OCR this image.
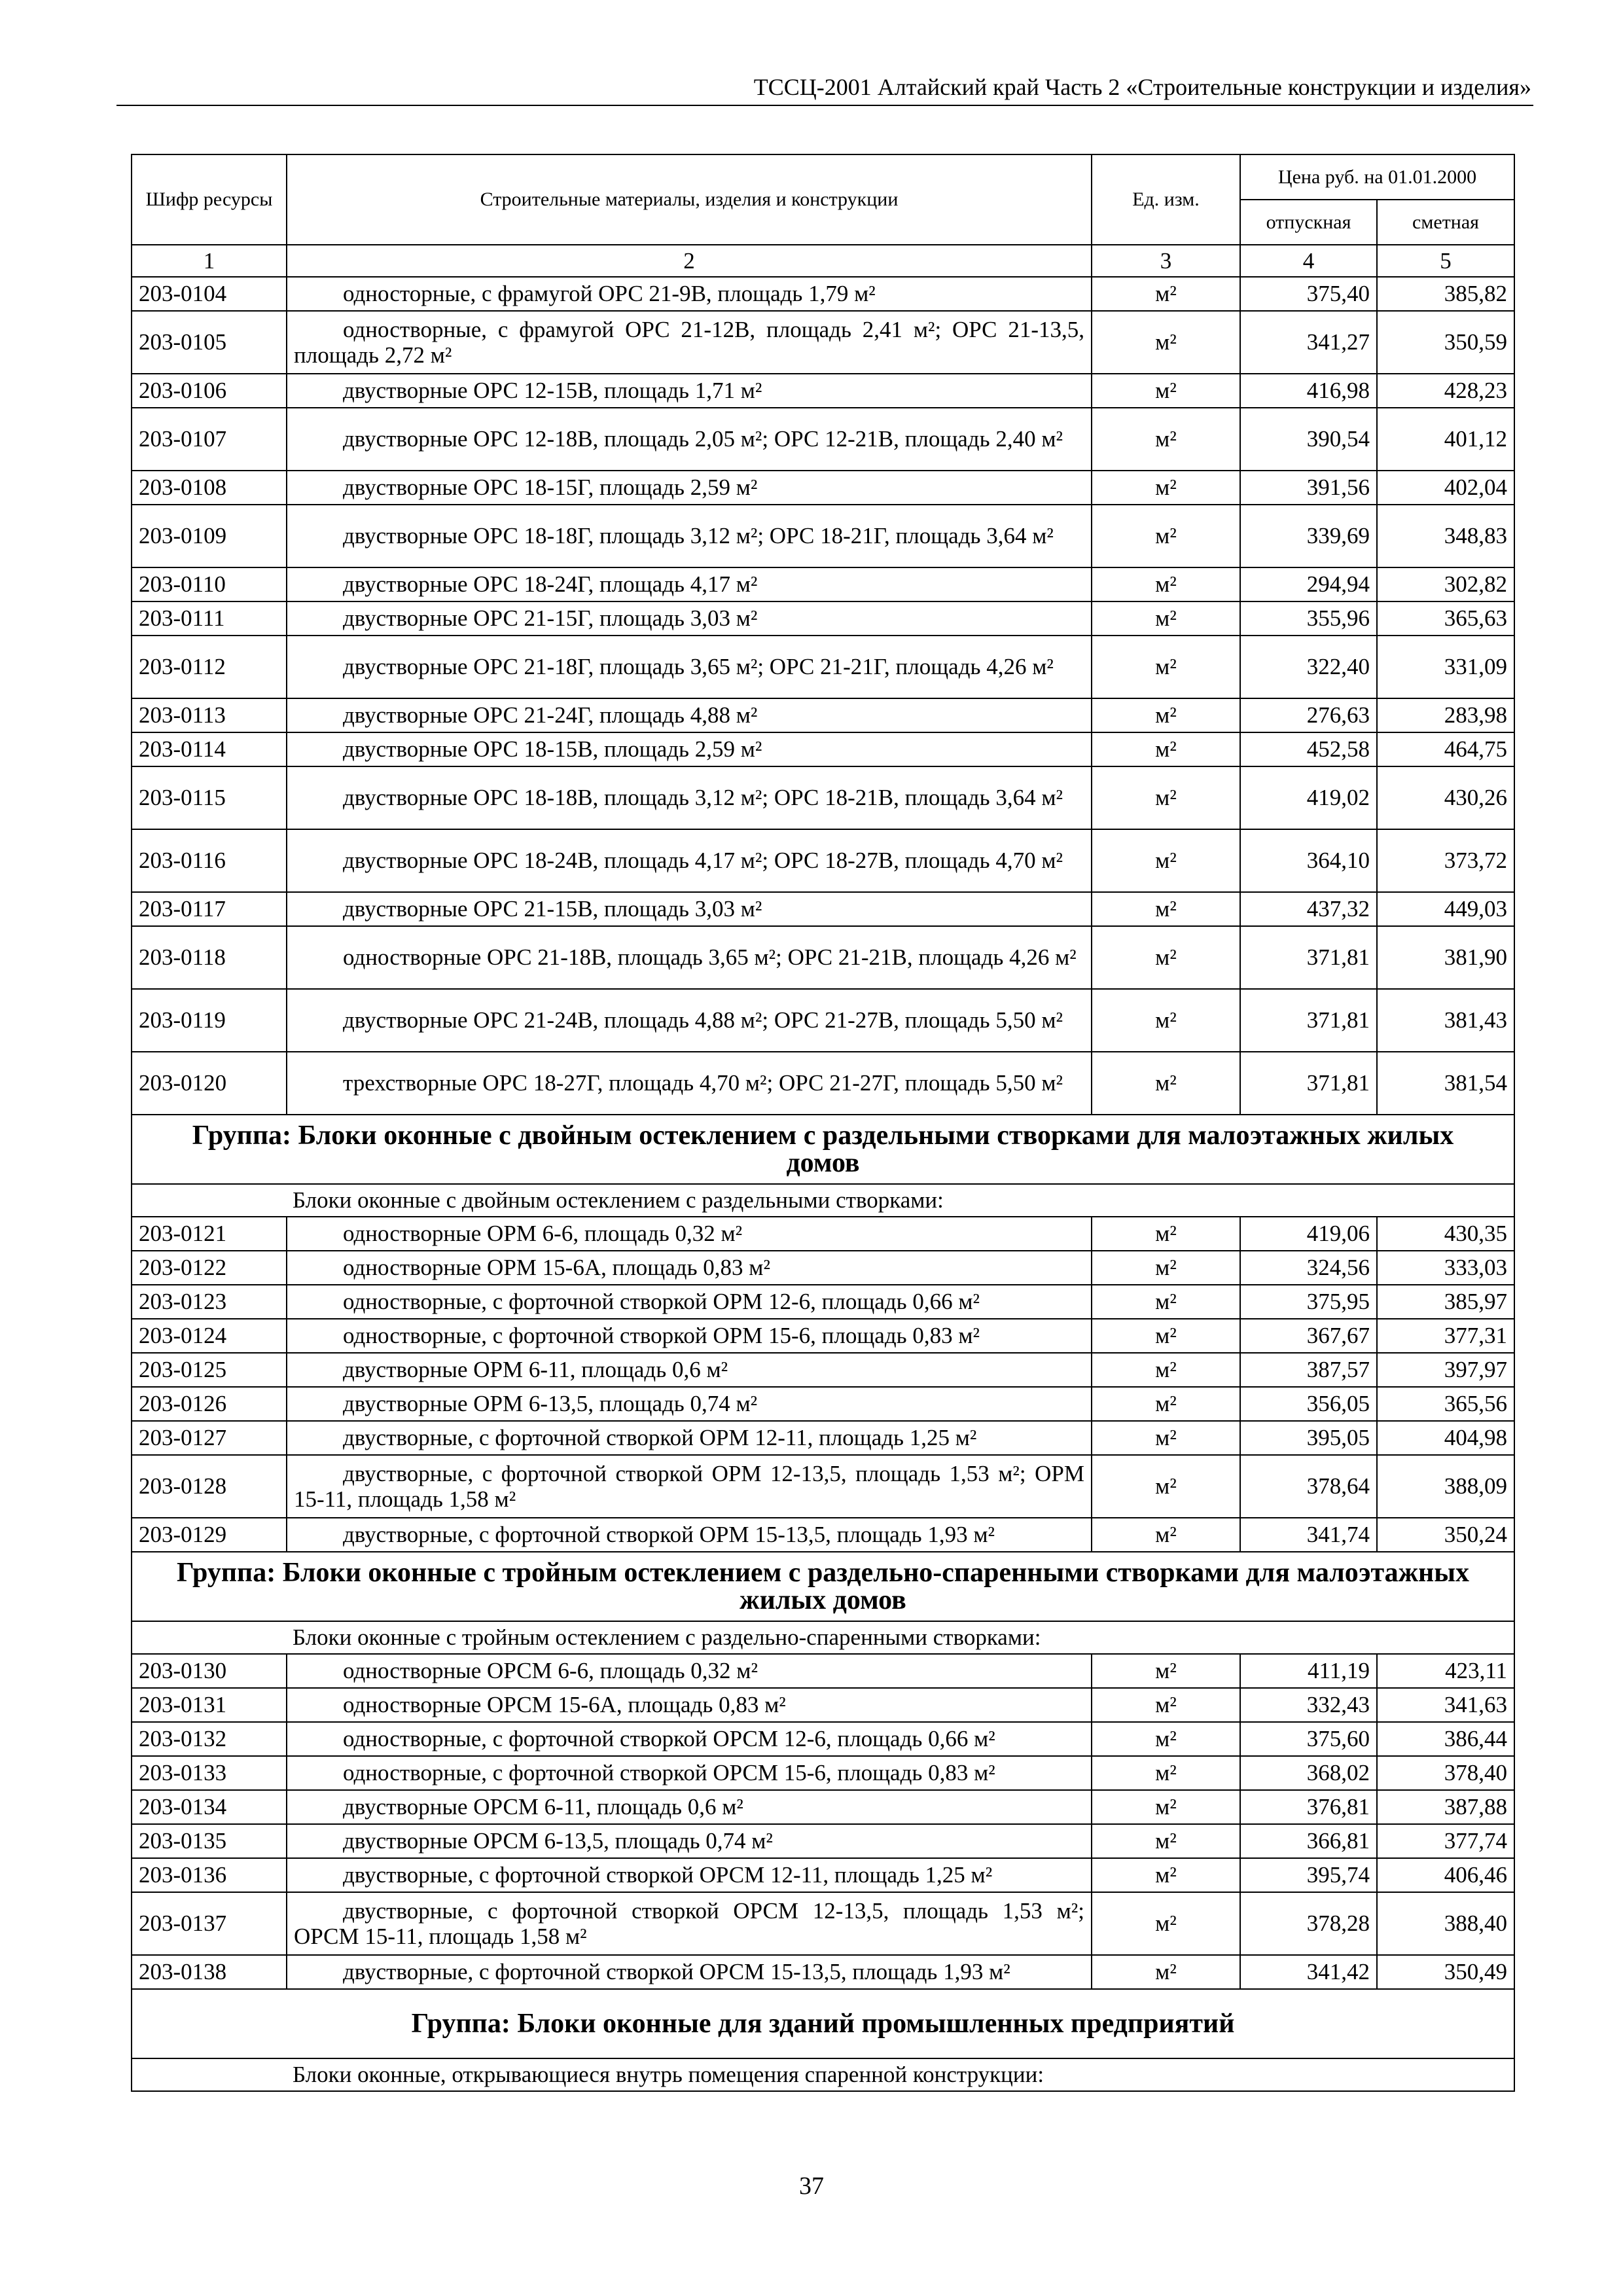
ТССЦ-2001 Алтайский край Часть 2 «Строительные конструкции и изделия»
Шифр ресурсы	Строительные материалы, изделия и конструкции	Ед. изм.	Цена руб. на 01.01.2000	
			отпускная	сметная
1	2	3	4	5
203-0104	односторные, с фрамугой ОРС 21-9В, площадь 1,79 м²	м²	375,40	385,82
203-0105	одностворные, с фрамугой ОРС 21-12В, площадь 2,41 м²; ОРС 21-13,5, площадь 2,72 м²	м²	341,27	350,59
203-0106	двустворные ОРС 12-15В, площадь 1,71 м²	м²	416,98	428,23
203-0107	двустворные ОРС 12-18В, площадь 2,05 м²; ОРС 12-21В, площадь 2,40 м²	м²	390,54	401,12
203-0108	двустворные ОРС 18-15Г, площадь 2,59 м²	м²	391,56	402,04
203-0109	двустворные ОРС 18-18Г, площадь 3,12 м²; ОРС 18-21Г, площадь 3,64 м²	м²	339,69	348,83
203-0110	двустворные ОРС 18-24Г, площадь 4,17 м²	м²	294,94	302,82
203-0111	двустворные ОРС 21-15Г, площадь 3,03 м²	м²	355,96	365,63
203-0112	двустворные ОРС 21-18Г, площадь 3,65 м²; ОРС 21-21Г, площадь 4,26 м²	м²	322,40	331,09
203-0113	двустворные ОРС 21-24Г, площадь 4,88 м²	м²	276,63	283,98
203-0114	двустворные ОРС 18-15В, площадь 2,59 м²	м²	452,58	464,75
203-0115	двустворные ОРС 18-18В, площадь 3,12 м²; ОРС 18-21В, площадь 3,64 м²	м²	419,02	430,26
203-0116	двустворные ОРС 18-24В, площадь 4,17 м²; ОРС 18-27В, площадь 4,70 м²	м²	364,10	373,72
203-0117	двустворные ОРС 21-15В, площадь 3,03 м²	м²	437,32	449,03
203-0118	одностворные ОРС 21-18В, площадь 3,65 м²; ОРС 21-21В, площадь 4,26 м²	м²	371,81	381,90
203-0119	двустворные ОРС 21-24В, площадь 4,88 м²; ОРС 21-27В, площадь 5,50 м²	м²	371,81	381,43
203-0120	трехстворные ОРС 18-27Г, площадь 4,70 м²; ОРС 21-27Г, площадь 5,50 м²	м²	371,81	381,54
Группа: Блоки оконные с двойным остеклением с раздельными створками для малоэтажных жилых домов				
Блоки оконные с двойным остеклением с раздельными створками:				
203-0121	одностворные ОРМ 6-6, площадь 0,32 м²	м²	419,06	430,35
203-0122	одностворные ОРМ 15-6А, площадь 0,83 м²	м²	324,56	333,03
203-0123	одностворные, с форточной створкой ОРМ 12-6, площадь 0,66 м²	м²	375,95	385,97
203-0124	одностворные, с форточной створкой ОРМ 15-6, площадь 0,83 м²	м²	367,67	377,31
203-0125	двустворные ОРМ 6-11, площадь 0,6 м²	м²	387,57	397,97
203-0126	двустворные ОРМ 6-13,5, площадь 0,74 м²	м²	356,05	365,56
203-0127	двустворные, с форточной створкой ОРМ 12-11, площадь 1,25 м²	м²	395,05	404,98
203-0128	двустворные, с форточной створкой ОРМ 12-13,5, площадь 1,53 м²; ОРМ 15-11, площадь 1,58 м²	м²	378,64	388,09
203-0129	двустворные, с форточной створкой ОРМ 15-13,5, площадь 1,93 м²	м²	341,74	350,24
Группа: Блоки оконные с тройным остеклением с раздельно-спаренными створками для малоэтажных жилых домов				
Блоки оконные с тройным остеклением с раздельно-спаренными створками:				
203-0130	одностворные ОРСМ 6-6, площадь 0,32 м²	м²	411,19	423,11
203-0131	одностворные ОРСМ 15-6А, площадь 0,83 м²	м²	332,43	341,63
203-0132	одностворные, с форточной створкой ОРСМ 12-6, площадь 0,66 м²	м²	375,60	386,44
203-0133	одностворные, с форточной створкой ОРСМ 15-6, площадь 0,83 м²	м²	368,02	378,40
203-0134	двустворные ОРСМ 6-11, площадь 0,6 м²	м²	376,81	387,88
203-0135	двустворные ОРСМ 6-13,5, площадь 0,74 м²	м²	366,81	377,74
203-0136	двустворные, с форточной створкой ОРСМ 12-11, площадь 1,25 м²	м²	395,74	406,46
203-0137	двустворные, с форточной створкой ОРСМ 12-13,5, площадь 1,53 м²; ОРСМ 15-11, площадь 1,58 м²	м²	378,28	388,40
203-0138	двустворные, с форточной створкой ОРСМ 15-13,5, площадь 1,93 м²	м²	341,42	350,49
Группа: Блоки оконные для зданий промышленных предприятий				
Блоки оконные, открывающиеся внутрь помещения спаренной конструкции:				
37
